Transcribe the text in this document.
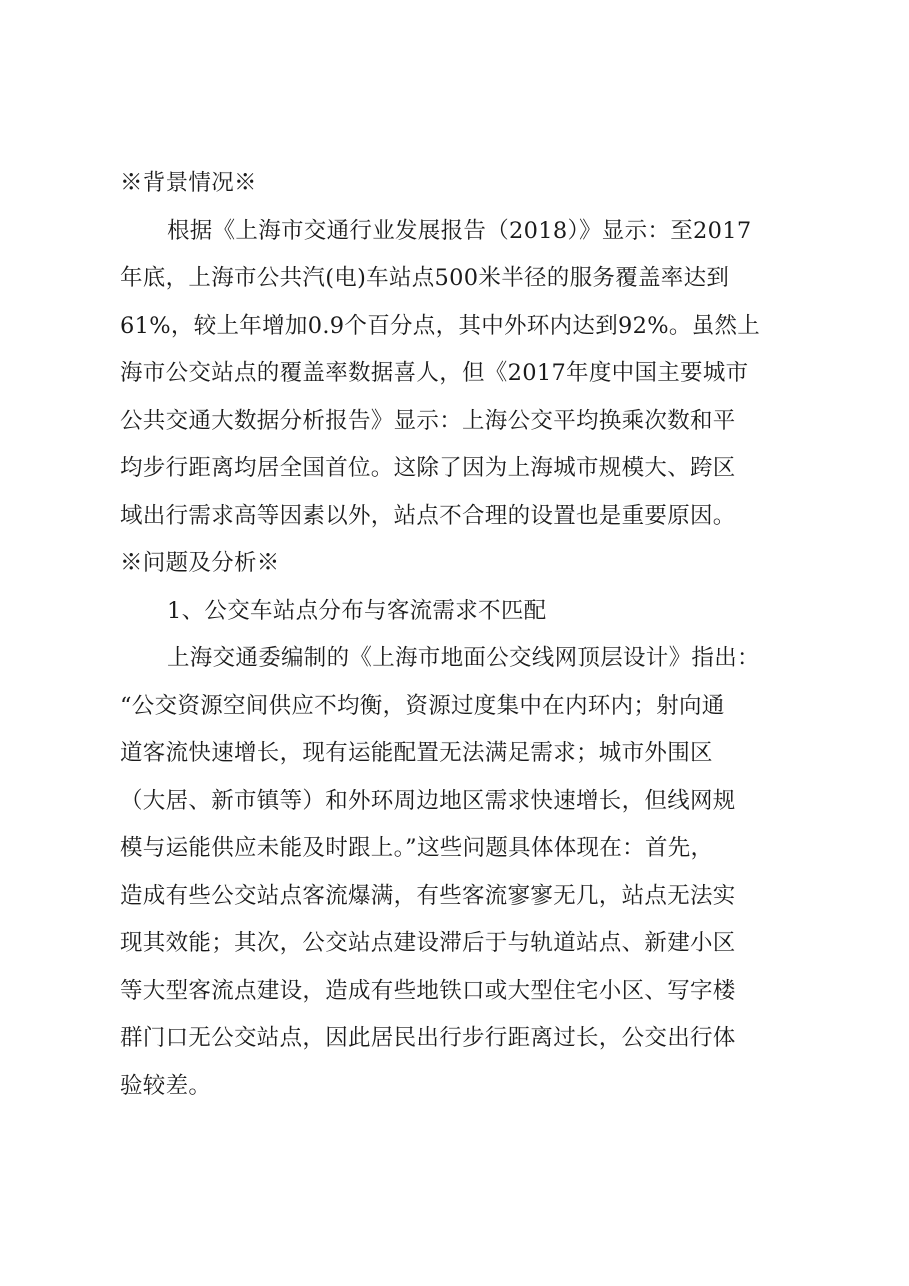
※背景情况※

根据《上海市交通行业发展报告（2018）》显示：至2017

年底，上海市公共汽(电)车站点500米半径的服务覆盖率达到

61%，较上年增加0.9个百分点，其中外环内达到92%。虽然上

海市公交站点的覆盖率数据喜人，但《2017年度中国主要城市

公共交通大数据分析报告》显示：上海公交平均换乘次数和平

均步行距离均居全国首位。这除了因为上海城市规模大、跨区

域出行需求高等因素以外，站点不合理的设置也是重要原因。

※问题及分析※

1、公交车站点分布与客流需求不匹配

上海交通委编制的《上海市地面公交线网顶层设计》指出：

“公交资源空间供应不均衡，资源过度集中在内环内；射向通

道客流快速增长，现有运能配置无法满足需求；城市外围区

（大居、新市镇等）和外环周边地区需求快速增长，但线网规

模与运能供应未能及时跟上。”这些问题具体体现在：首先，

造成有些公交站点客流爆满，有些客流寥寥无几，站点无法实

现其效能；其次，公交站点建设滞后于与轨道站点、新建小区

等大型客流点建设，造成有些地铁口或大型住宅小区、写字楼

群门口无公交站点，因此居民出行步行距离过长，公交出行体

验较差。
